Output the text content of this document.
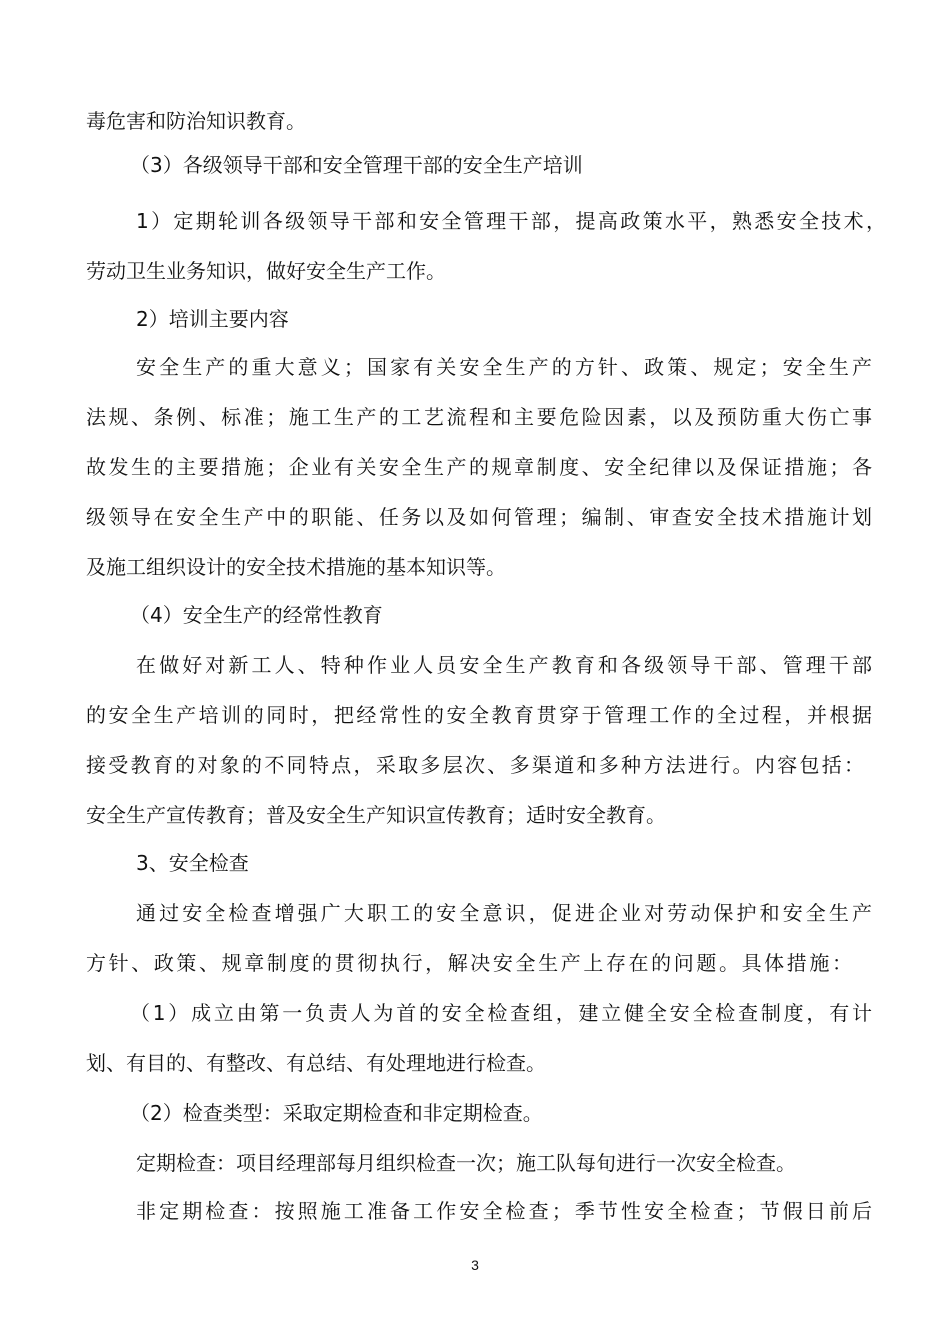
毒危害和防治知识教育。

（3）各级领导干部和安全管理干部的安全生产培训

1）定期轮训各级领导干部和安全管理干部，提高政策水平，熟悉安全技术，

劳动卫生业务知识，做好安全生产工作。

2）培训主要内容

安全生产的重大意义；国家有关安全生产的方针、政策、规定；安全生产

法规、条例、标准；施工生产的工艺流程和主要危险因素，以及预防重大伤亡事

故发生的主要措施；企业有关安全生产的规章制度、安全纪律以及保证措施；各

级领导在安全生产中的职能、任务以及如何管理；编制、审查安全技术措施计划

及施工组织设计的安全技术措施的基本知识等。

（4）安全生产的经常性教育

在做好对新工人、特种作业人员安全生产教育和各级领导干部、管理干部

的安全生产培训的同时，把经常性的安全教育贯穿于管理工作的全过程，并根据

接受教育的对象的不同特点，采取多层次、多渠道和多种方法进行。内容包括：

安全生产宣传教育；普及安全生产知识宣传教育；适时安全教育。

3、安全检查

通过安全检查增强广大职工的安全意识，促进企业对劳动保护和安全生产

方针、政策、规章制度的贯彻执行，解决安全生产上存在的问题。具体措施：

（1）成立由第一负责人为首的安全检查组，建立健全安全检查制度，有计

划、有目的、有整改、有总结、有处理地进行检查。

（2）检查类型：采取定期检查和非定期检查。

定期检查：项目经理部每月组织检查一次；施工队每旬进行一次安全检查。

非定期检查：按照施工准备工作安全检查；季节性安全检查；节假日前后

3
